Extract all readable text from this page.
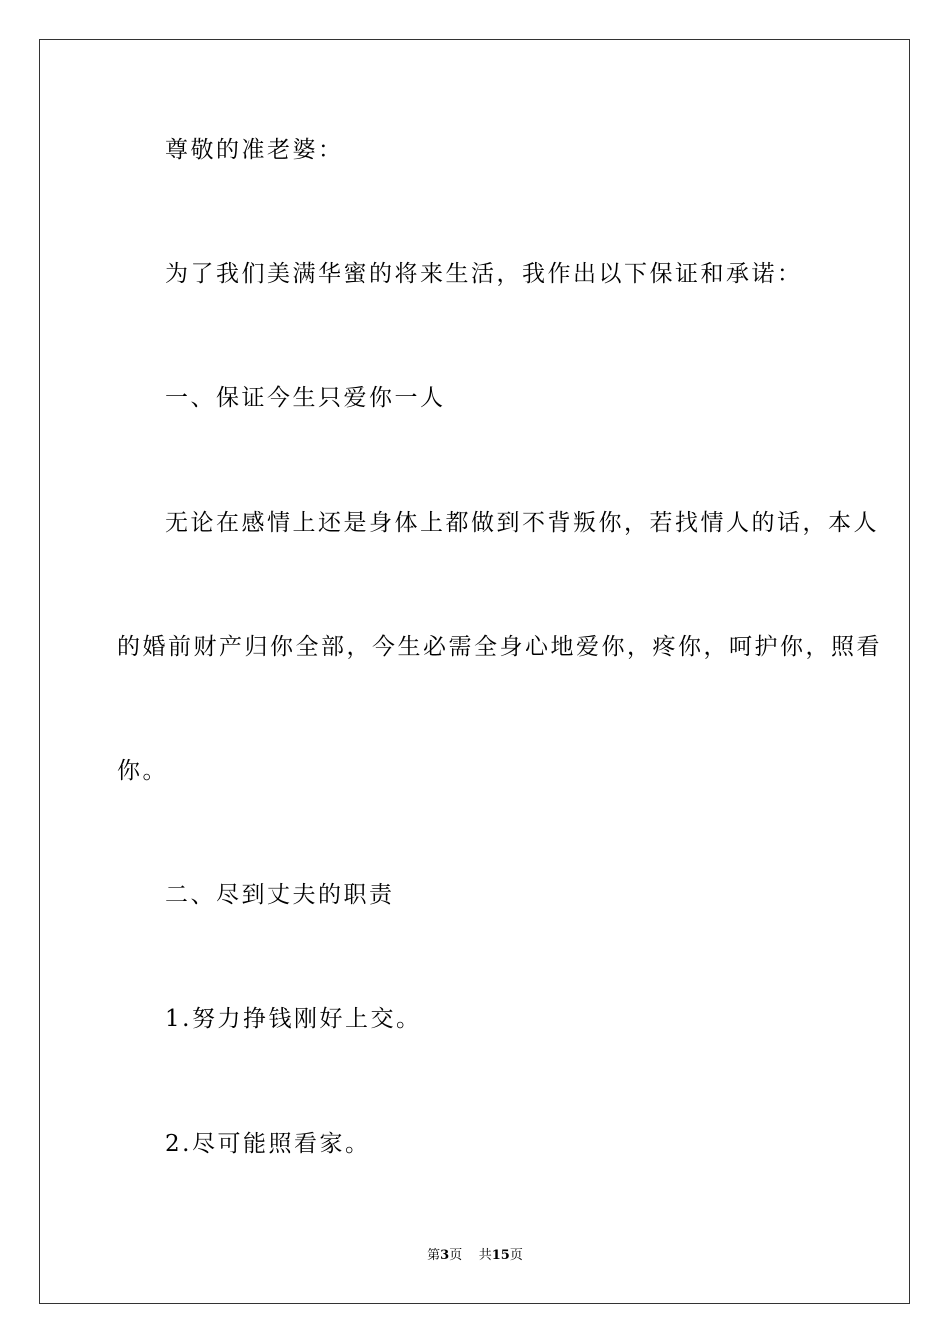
尊敬的准老婆：
为了我们美满华蜜的将来生活，我作出以下保证和承诺：
一、保证今生只爱你一人
无论在感情上还是身体上都做到不背叛你，若找情人的话，本人
的婚前财产归你全部，今生必需全身心地爱你，疼你，呵护你，照看
你。
二、尽到丈夫的职责
1.努力挣钱刚好上交。
2.尽可能照看家。
第3页 共15页
